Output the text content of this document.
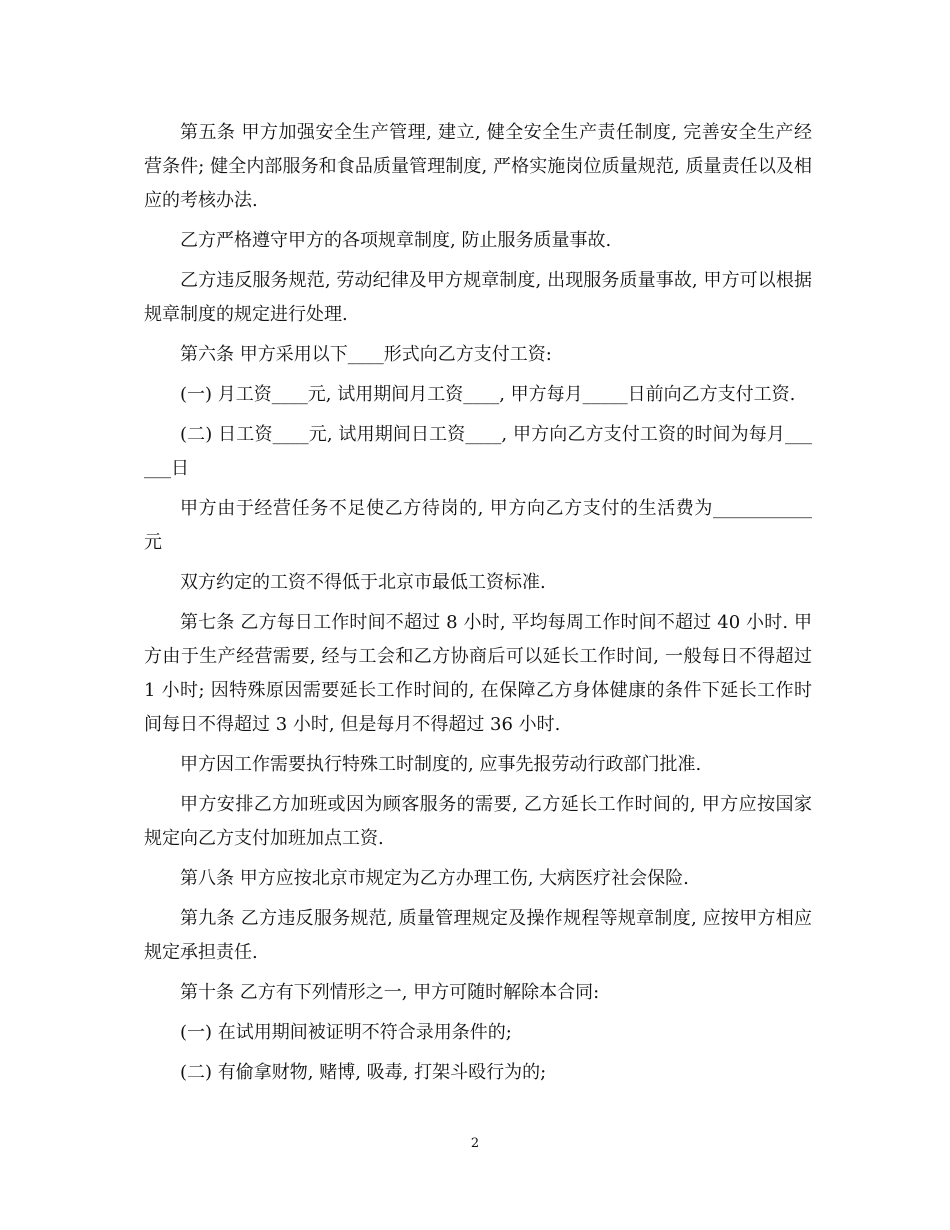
第五条 甲方加强安全生产管理, 建立, 健全安全生产责任制度, 完善安全生产经营条件; 健全内部服务和食品质量管理制度, 严格实施岗位质量规范, 质量责任以及相应的考核办法.

乙方严格遵守甲方的各项规章制度, 防止服务质量事故.

乙方违反服务规范, 劳动纪律及甲方规章制度, 出现服务质量事故, 甲方可以根据规章制度的规定进行处理.

第六条 甲方采用以下____形式向乙方支付工资:

(一) 月工资____元, 试用期间月工资____, 甲方每月_____日前向乙方支付工资.

(二) 日工资____元, 试用期间日工资____, 甲方向乙方支付工资的时间为每月______日

甲方由于经营任务不足使乙方待岗的, 甲方向乙方支付的生活费为___________元

双方约定的工资不得低于北京市最低工资标准.

第七条 乙方每日工作时间不超过 8 小时, 平均每周工作时间不超过 40 小时. 甲方由于生产经营需要, 经与工会和乙方协商后可以延长工作时间, 一般每日不得超过 1 小时; 因特殊原因需要延长工作时间的, 在保障乙方身体健康的条件下延长工作时间每日不得超过 3 小时, 但是每月不得超过 36 小时.

甲方因工作需要执行特殊工时制度的, 应事先报劳动行政部门批准.

甲方安排乙方加班或因为顾客服务的需要, 乙方延长工作时间的, 甲方应按国家规定向乙方支付加班加点工资.

第八条 甲方应按北京市规定为乙方办理工伤, 大病医疗社会保险.

第九条 乙方违反服务规范, 质量管理规定及操作规程等规章制度, 应按甲方相应规定承担责任.

第十条 乙方有下列情形之一, 甲方可随时解除本合同:

(一) 在试用期间被证明不符合录用条件的;

(二) 有偷拿财物, 赌博, 吸毒, 打架斗殴行为的;

2
